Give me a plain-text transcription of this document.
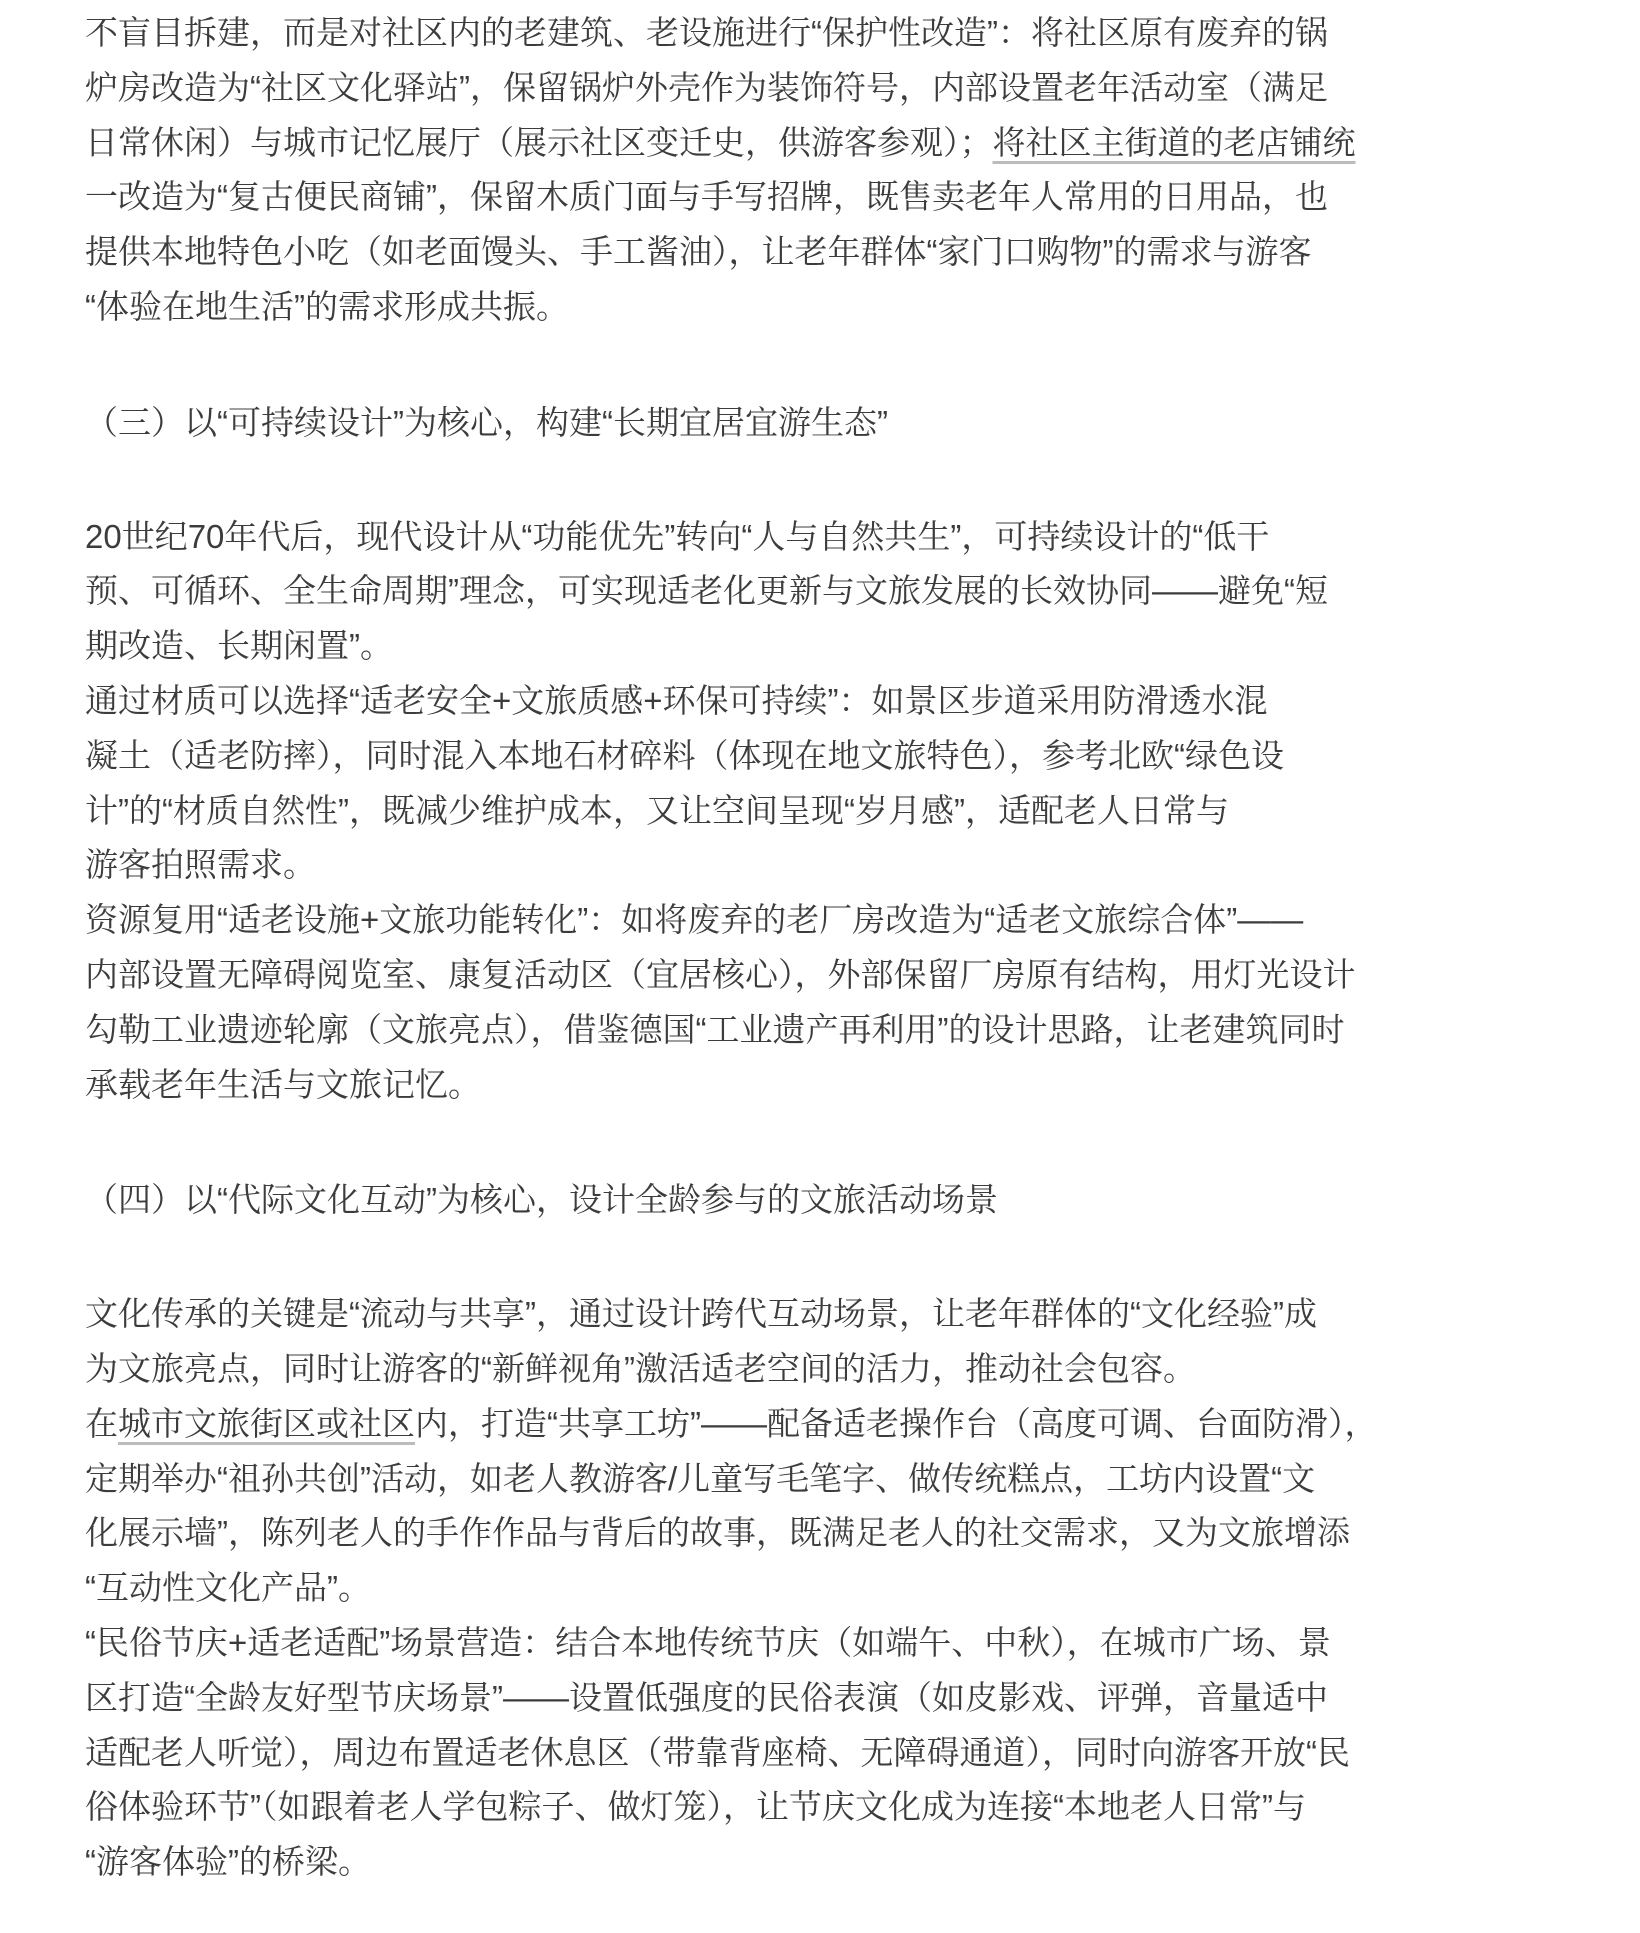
不盲目拆建，而是对社区内的老建筑、老设施进行“保护性改造”：将社区原有废弃的锅
炉房改造为“社区文化驿站”，保留锅炉外壳作为装饰符号，内部设置老年活动室（满足
日常休闲）与城市记忆展厅（展示社区变迁史，供游客参观）；将社区主街道的老店铺统
一改造为“复古便民商铺”，保留木质门面与手写招牌，既售卖老年人常用的日用品，也
提供本地特色小吃（如老面馒头、手工酱油），让老年群体“家门口购物”的需求与游客
“体验在地生活”的需求形成共振。
（三）以“可持续设计”为核心，构建“长期宜居宜游生态”
20世纪70年代后，现代设计从“功能优先”转向“人与自然共生”，可持续设计的“低干
预、可循环、全生命周期”理念，可实现适老化更新与文旅发展的长效协同——避免“短
期改造、长期闲置”。
通过材质可以选择“适老安全+文旅质感+环保可持续”：如景区步道采用防滑透水混
凝土（适老防摔），同时混入本地石材碎料（体现在地文旅特色），参考北欧“绿色设
计”的“材质自然性”，既减少维护成本，又让空间呈现“岁月感”，适配老人日常与
游客拍照需求。
资源复用“适老设施+文旅功能转化”：如将废弃的老厂房改造为“适老文旅综合体”——
内部设置无障碍阅览室、康复活动区（宜居核心），外部保留厂房原有结构，用灯光设计
勾勒工业遗迹轮廓（文旅亮点），借鉴德国“工业遗产再利用”的设计思路，让老建筑同时
承载老年生活与文旅记忆。
（四）以“代际文化互动”为核心，设计全龄参与的文旅活动场景
文化传承的关键是“流动与共享”，通过设计跨代互动场景，让老年群体的“文化经验”成
为文旅亮点，同时让游客的“新鲜视角”激活适老空间的活力，推动社会包容。
在城市文旅街区或社区内，打造“共享工坊”——配备适老操作台（高度可调、台面防滑），
定期举办“祖孙共创”活动，如老人教游客/儿童写毛笔字、做传统糕点，工坊内设置“文
化展示墙”，陈列老人的手作作品与背后的故事，既满足老人的社交需求，又为文旅增添
“互动性文化产品”。
“民俗节庆+适老适配”场景营造：结合本地传统节庆（如端午、中秋），在城市广场、景
区打造“全龄友好型节庆场景”——设置低强度的民俗表演（如皮影戏、评弹，音量适中
适配老人听觉），周边布置适老休息区（带靠背座椅、无障碍通道），同时向游客开放“民
俗体验环节”（如跟着老人学包粽子、做灯笼），让节庆文化成为连接“本地老人日常”与
“游客体验”的桥梁。
